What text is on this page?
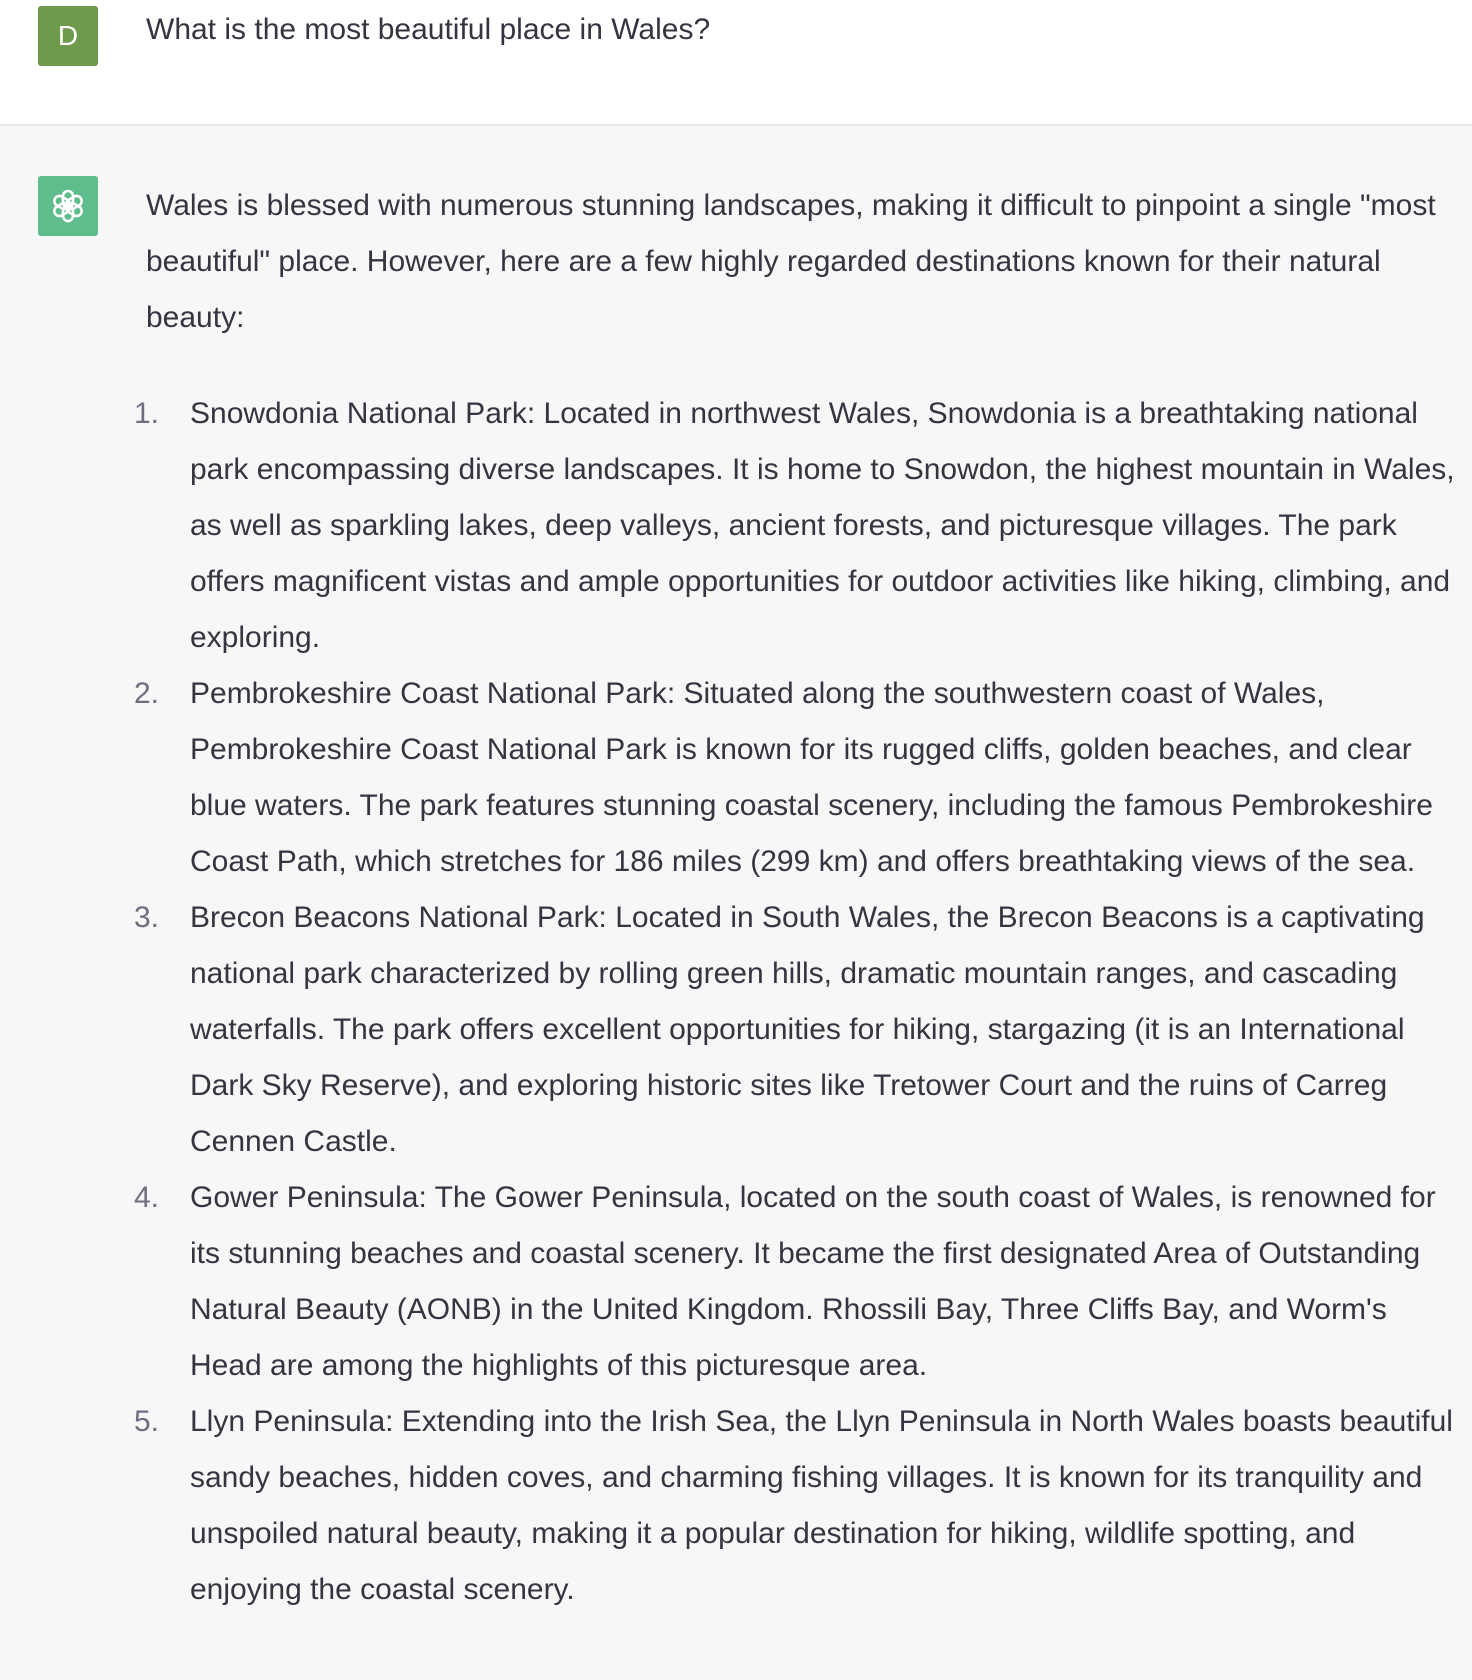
D	What is the most beautiful place in Wales?

Wales is blessed with numerous stunning landscapes, making it difficult to pinpoint a single "most beautiful" place. However, here are a few highly regarded destinations known for their natural beauty:

1. Snowdonia National Park: Located in northwest Wales, Snowdonia is a breathtaking national park encompassing diverse landscapes. It is home to Snowdon, the highest mountain in Wales, as well as sparkling lakes, deep valleys, ancient forests, and picturesque villages. The park offers magnificent vistas and ample opportunities for outdoor activities like hiking, climbing, and exploring.
2. Pembrokeshire Coast National Park: Situated along the southwestern coast of Wales, Pembrokeshire Coast National Park is known for its rugged cliffs, golden beaches, and clear blue waters. The park features stunning coastal scenery, including the famous Pembrokeshire Coast Path, which stretches for 186 miles (299 km) and offers breathtaking views of the sea.
3. Brecon Beacons National Park: Located in South Wales, the Brecon Beacons is a captivating national park characterized by rolling green hills, dramatic mountain ranges, and cascading waterfalls. The park offers excellent opportunities for hiking, stargazing (it is an International Dark Sky Reserve), and exploring historic sites like Tretower Court and the ruins of Carreg Cennen Castle.
4. Gower Peninsula: The Gower Peninsula, located on the south coast of Wales, is renowned for its stunning beaches and coastal scenery. It became the first designated Area of Outstanding Natural Beauty (AONB) in the United Kingdom. Rhossili Bay, Three Cliffs Bay, and Worm's Head are among the highlights of this picturesque area.
5. Llyn Peninsula: Extending into the Irish Sea, the Llyn Peninsula in North Wales boasts beautiful sandy beaches, hidden coves, and charming fishing villages. It is known for its tranquility and unspoiled natural beauty, making it a popular destination for hiking, wildlife spotting, and enjoying the coastal scenery.
